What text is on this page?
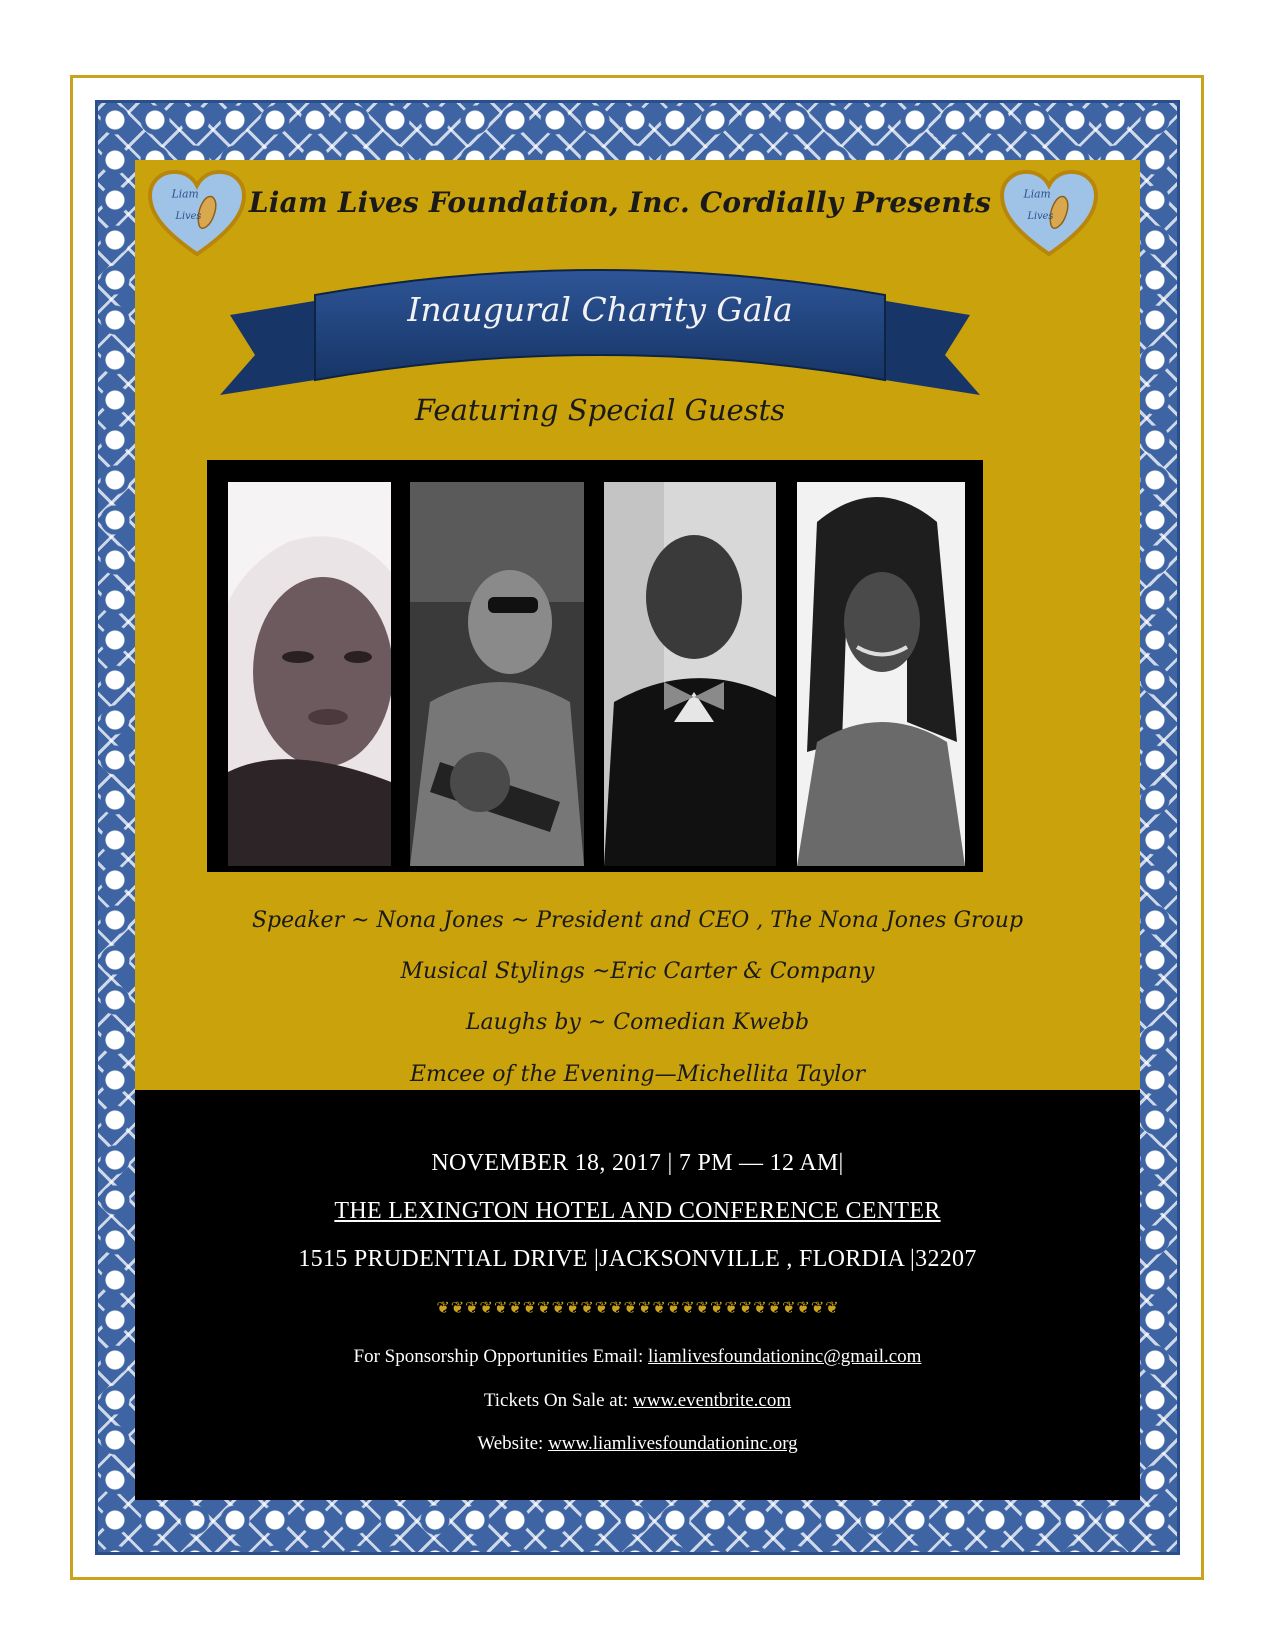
Liam
Lives
Liam
Lives
Liam Lives Foundation, Inc. Cordially Presents
Inaugural Charity Gala
Featuring Special Guests
Speaker ~ Nona Jones ~ President and CEO , The Nona Jones Group
Musical Stylings ~Eric Carter & Company
Laughs by ~ Comedian Kwebb
Emcee of the Evening—Michellita Taylor
NOVEMBER 18, 2017 | 7 PM — 12 AM|
THE LEXINGTON HOTEL AND CONFERENCE CENTER
1515 PRUDENTIAL DRIVE |JACKSONVILLE , FLORDIA |32207
❦❦❦❦❦❦❦❦❦❦❦❦❦❦❦❦❦❦❦❦❦❦❦❦❦❦❦❦
For Sponsorship Opportunities Email: liamlivesfoundationinc@gmail.com
Tickets On Sale at: www.eventbrite.com
Website: www.liamlivesfoundationinc.org
